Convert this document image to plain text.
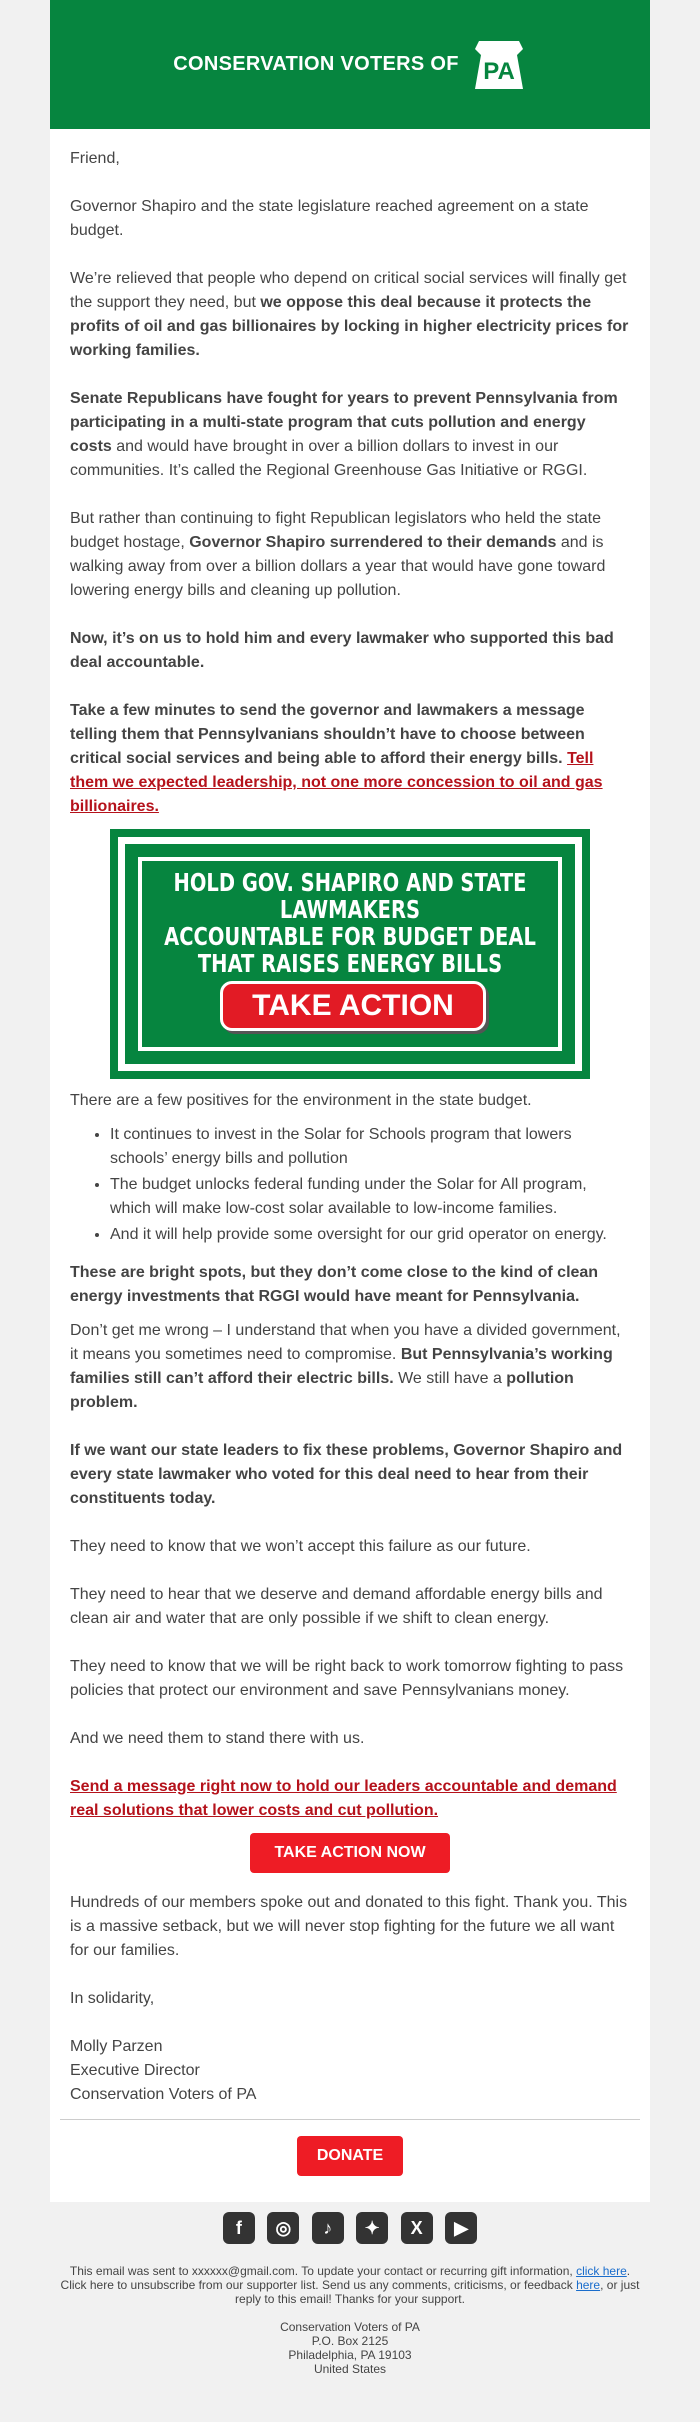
CONSERVATION VOTERS OF PA

Friend,

Governor Shapiro and the state legislature reached agreement on a state budget.

We’re relieved that people who depend on critical social services will finally get the support they need, but we oppose this deal because it protects the profits of oil and gas billionaires by locking in higher electricity prices for working families.

Senate Republicans have fought for years to prevent Pennsylvania from participating in a multi-state program that cuts pollution and energy costs and would have brought in over a billion dollars to invest in our communities. It’s called the Regional Greenhouse Gas Initiative or RGGI.

But rather than continuing to fight Republican legislators who held the state budget hostage, Governor Shapiro surrendered to their demands and is walking away from over a billion dollars a year that would have gone toward lowering energy bills and cleaning up pollution.

Now, it’s on us to hold him and every lawmaker who supported this bad deal accountable.

Take a few minutes to send the governor and lawmakers a message telling them that Pennsylvanians shouldn’t have to choose between critical social services and being able to afford their energy bills. Tell them we expected leadership, not one more concession to oil and gas billionaires.

HOLD GOV. SHAPIRO AND STATE LAWMAKERS
ACCOUNTABLE FOR BUDGET DEAL
THAT RAISES ENERGY BILLS
TAKE ACTION

There are a few positives for the environment in the state budget.

• It continues to invest in the Solar for Schools program that lowers schools’ energy bills and pollution
• The budget unlocks federal funding under the Solar for All program, which will make low-cost solar available to low-income families.
• And it will help provide some oversight for our grid operator on energy.

These are bright spots, but they don’t come close to the kind of clean energy investments that RGGI would have meant for Pennsylvania.

Don’t get me wrong – I understand that when you have a divided government, it means you sometimes need to compromise. But Pennsylvania’s working families still can’t afford their electric bills. We still have a pollution problem.

If we want our state leaders to fix these problems, Governor Shapiro and every state lawmaker who voted for this deal need to hear from their constituents today.

They need to know that we won’t accept this failure as our future.

They need to hear that we deserve and demand affordable energy bills and clean air and water that are only possible if we shift to clean energy.

They need to know that we will be right back to work tomorrow fighting to pass policies that protect our environment and save Pennsylvanians money.

And we need them to stand there with us.

Send a message right now to hold our leaders accountable and demand real solutions that lower costs and cut pollution.

TAKE ACTION NOW

Hundreds of our members spoke out and donated to this fight. Thank you. This is a massive setback, but we will never stop fighting for the future we all want for our families.

In solidarity,

Molly Parzen
Executive Director
Conservation Voters of PA

DONATE
f ◎ ♪ ✦ X ▶
This email was sent to xxxxxx@gmail.com. To update your contact or recurring gift information, click here. Click here to unsubscribe from our supporter list. Send us any comments, criticisms, or feedback here, or just reply to this email! Thanks for your support.
Conservation Voters of PA
P.O. Box 2125
Philadelphia, PA 19103
United States
